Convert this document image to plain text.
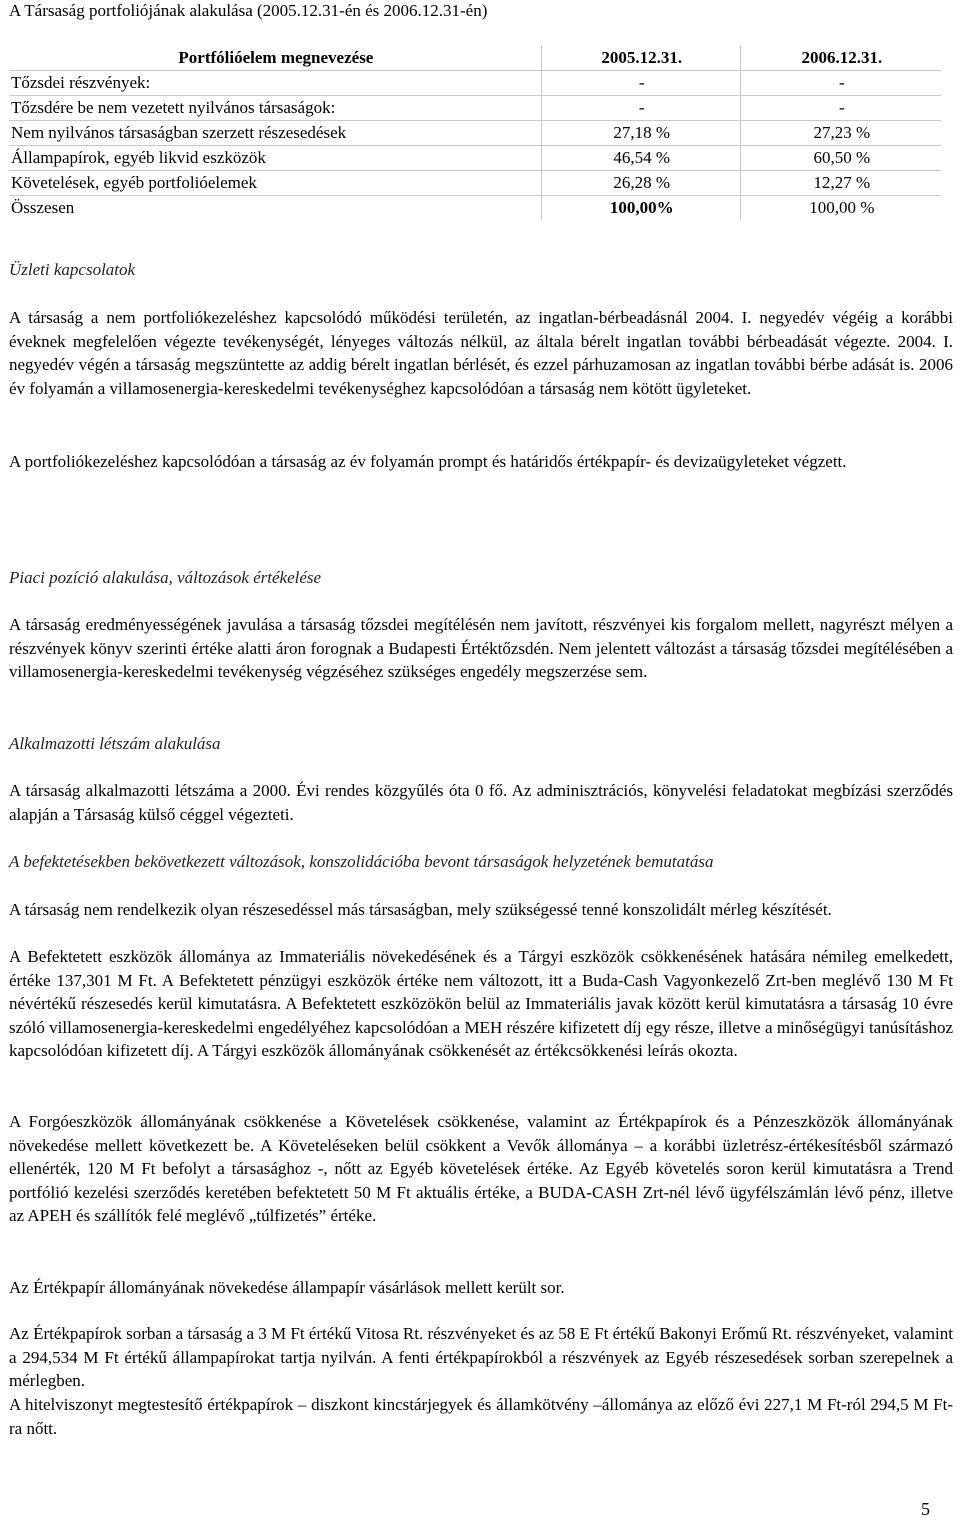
A Társaság portfoliójának alakulása (2005.12.31-én és 2006.12.31-én)
Portfólióelem megnevezése	2005.12.31.	2006.12.31.
Tőzsdei részvények:	-	-
Tőzsdére be nem vezetett nyilvános társaságok:	-	-
Nem nyilvános társaságban szerzett részesedések	27,18 %	27,23 %
Állampapírok, egyéb likvid eszközök	46,54 %	60,50 %
Követelések, egyéb portfolióelemek	26,28 %	12,27 %
Összesen	100,00%	100,00 %
Üzleti kapcsolatok
A társaság a nem portfoliókezeléshez kapcsolódó működési területén, az ingatlan-bérbeadásnál 2004. I. negyedév végéig a korábbi éveknek megfelelően végezte tevékenységét, lényeges változás nélkül, az általa bérelt ingatlan további bérbeadását végezte. 2004. I. negyedév végén a társaság megszüntette az addig bérelt ingatlan bérlését, és ezzel párhuzamosan az ingatlan további bérbe adását is. 2006 év folyamán a villamosenergia-kereskedelmi tevékenységhez kapcsolódóan a társaság nem kötött ügyleteket.
A portfoliókezeléshez kapcsolódóan a társaság az év folyamán prompt és határidős értékpapír- és devizaügyleteket végzett.
Piaci pozíció alakulása, változások értékelése
A társaság eredményességének javulása a társaság tőzsdei megítélésén nem javított, részvényei kis forgalom mellett, nagyrészt mélyen a részvények könyv szerinti értéke alatti áron forognak a Budapesti Értéktőzsdén. Nem jelentett változást a társaság tőzsdei megítélésében a villamosenergia-kereskedelmi tevékenység végzéséhez szükséges engedély megszerzése sem.
Alkalmazotti létszám alakulása
A társaság alkalmazotti létszáma a 2000. Évi rendes közgyűlés óta 0 fő. Az adminisztrációs, könyvelési feladatokat megbízási szerződés alapján a Társaság külső céggel végezteti.
A befektetésekben bekövetkezett változások, konszolidációba bevont társaságok helyzetének bemutatása
A társaság nem rendelkezik olyan részesedéssel más társaságban, mely szükségessé tenné konszolidált mérleg készítését.
A Befektetett eszközök állománya az Immateriális növekedésének és a Tárgyi eszközök csökkenésének hatására némileg emelkedett, értéke 137,301 M Ft. A Befektetett pénzügyi eszközök értéke nem változott, itt a Buda-Cash Vagyonkezelő Zrt-ben meglévő 130 M Ft névértékű részesedés kerül kimutatásra. A Befektetett eszközökön belül az Immateriális javak között kerül kimutatásra a társaság 10 évre szóló villamosenergia-kereskedelmi engedélyéhez kapcsolódóan a MEH részére kifizetett díj egy része, illetve a minőségügyi tanúsításhoz kapcsolódóan kifizetett díj. A Tárgyi eszközök állományának csökkenését az értékcsökkenési leírás okozta.
A Forgóeszközök állományának csökkenése a Követelések csökkenése, valamint az Értékpapírok és a Pénzeszközök állományának növekedése mellett következett be. A Követeléseken belül csökkent a Vevők állománya – a korábbi üzletrész-értékesítésből származó ellenérték, 120 M Ft befolyt a társasághoz -, nőtt az Egyéb követelések értéke. Az Egyéb követelés soron kerül kimutatásra a Trend portfólió kezelési szerződés keretében befektetett 50 M Ft aktuális értéke, a BUDA-CASH Zrt-nél lévő ügyfélszámlán lévő pénz, illetve az APEH és szállítók felé meglévő „túlfizetés” értéke.
Az Értékpapír állományának növekedése állampapír vásárlások mellett került sor.
Az Értékpapírok sorban a társaság a 3 M Ft értékű Vitosa Rt. részvényeket és az 58 E Ft értékű Bakonyi Erőmű Rt. részvényeket, valamint a 294,534 M Ft értékű állampapírokat tartja nyilván. A fenti értékpapírokból a részvények az Egyéb részesedések sorban szerepelnek a mérlegben.
A hitelviszonyt megtestesítő értékpapírok – diszkont kincstárjegyek és államkötvény –állománya az előző évi 227,1 M Ft-ról 294,5 M Ft-ra nőtt.
5
